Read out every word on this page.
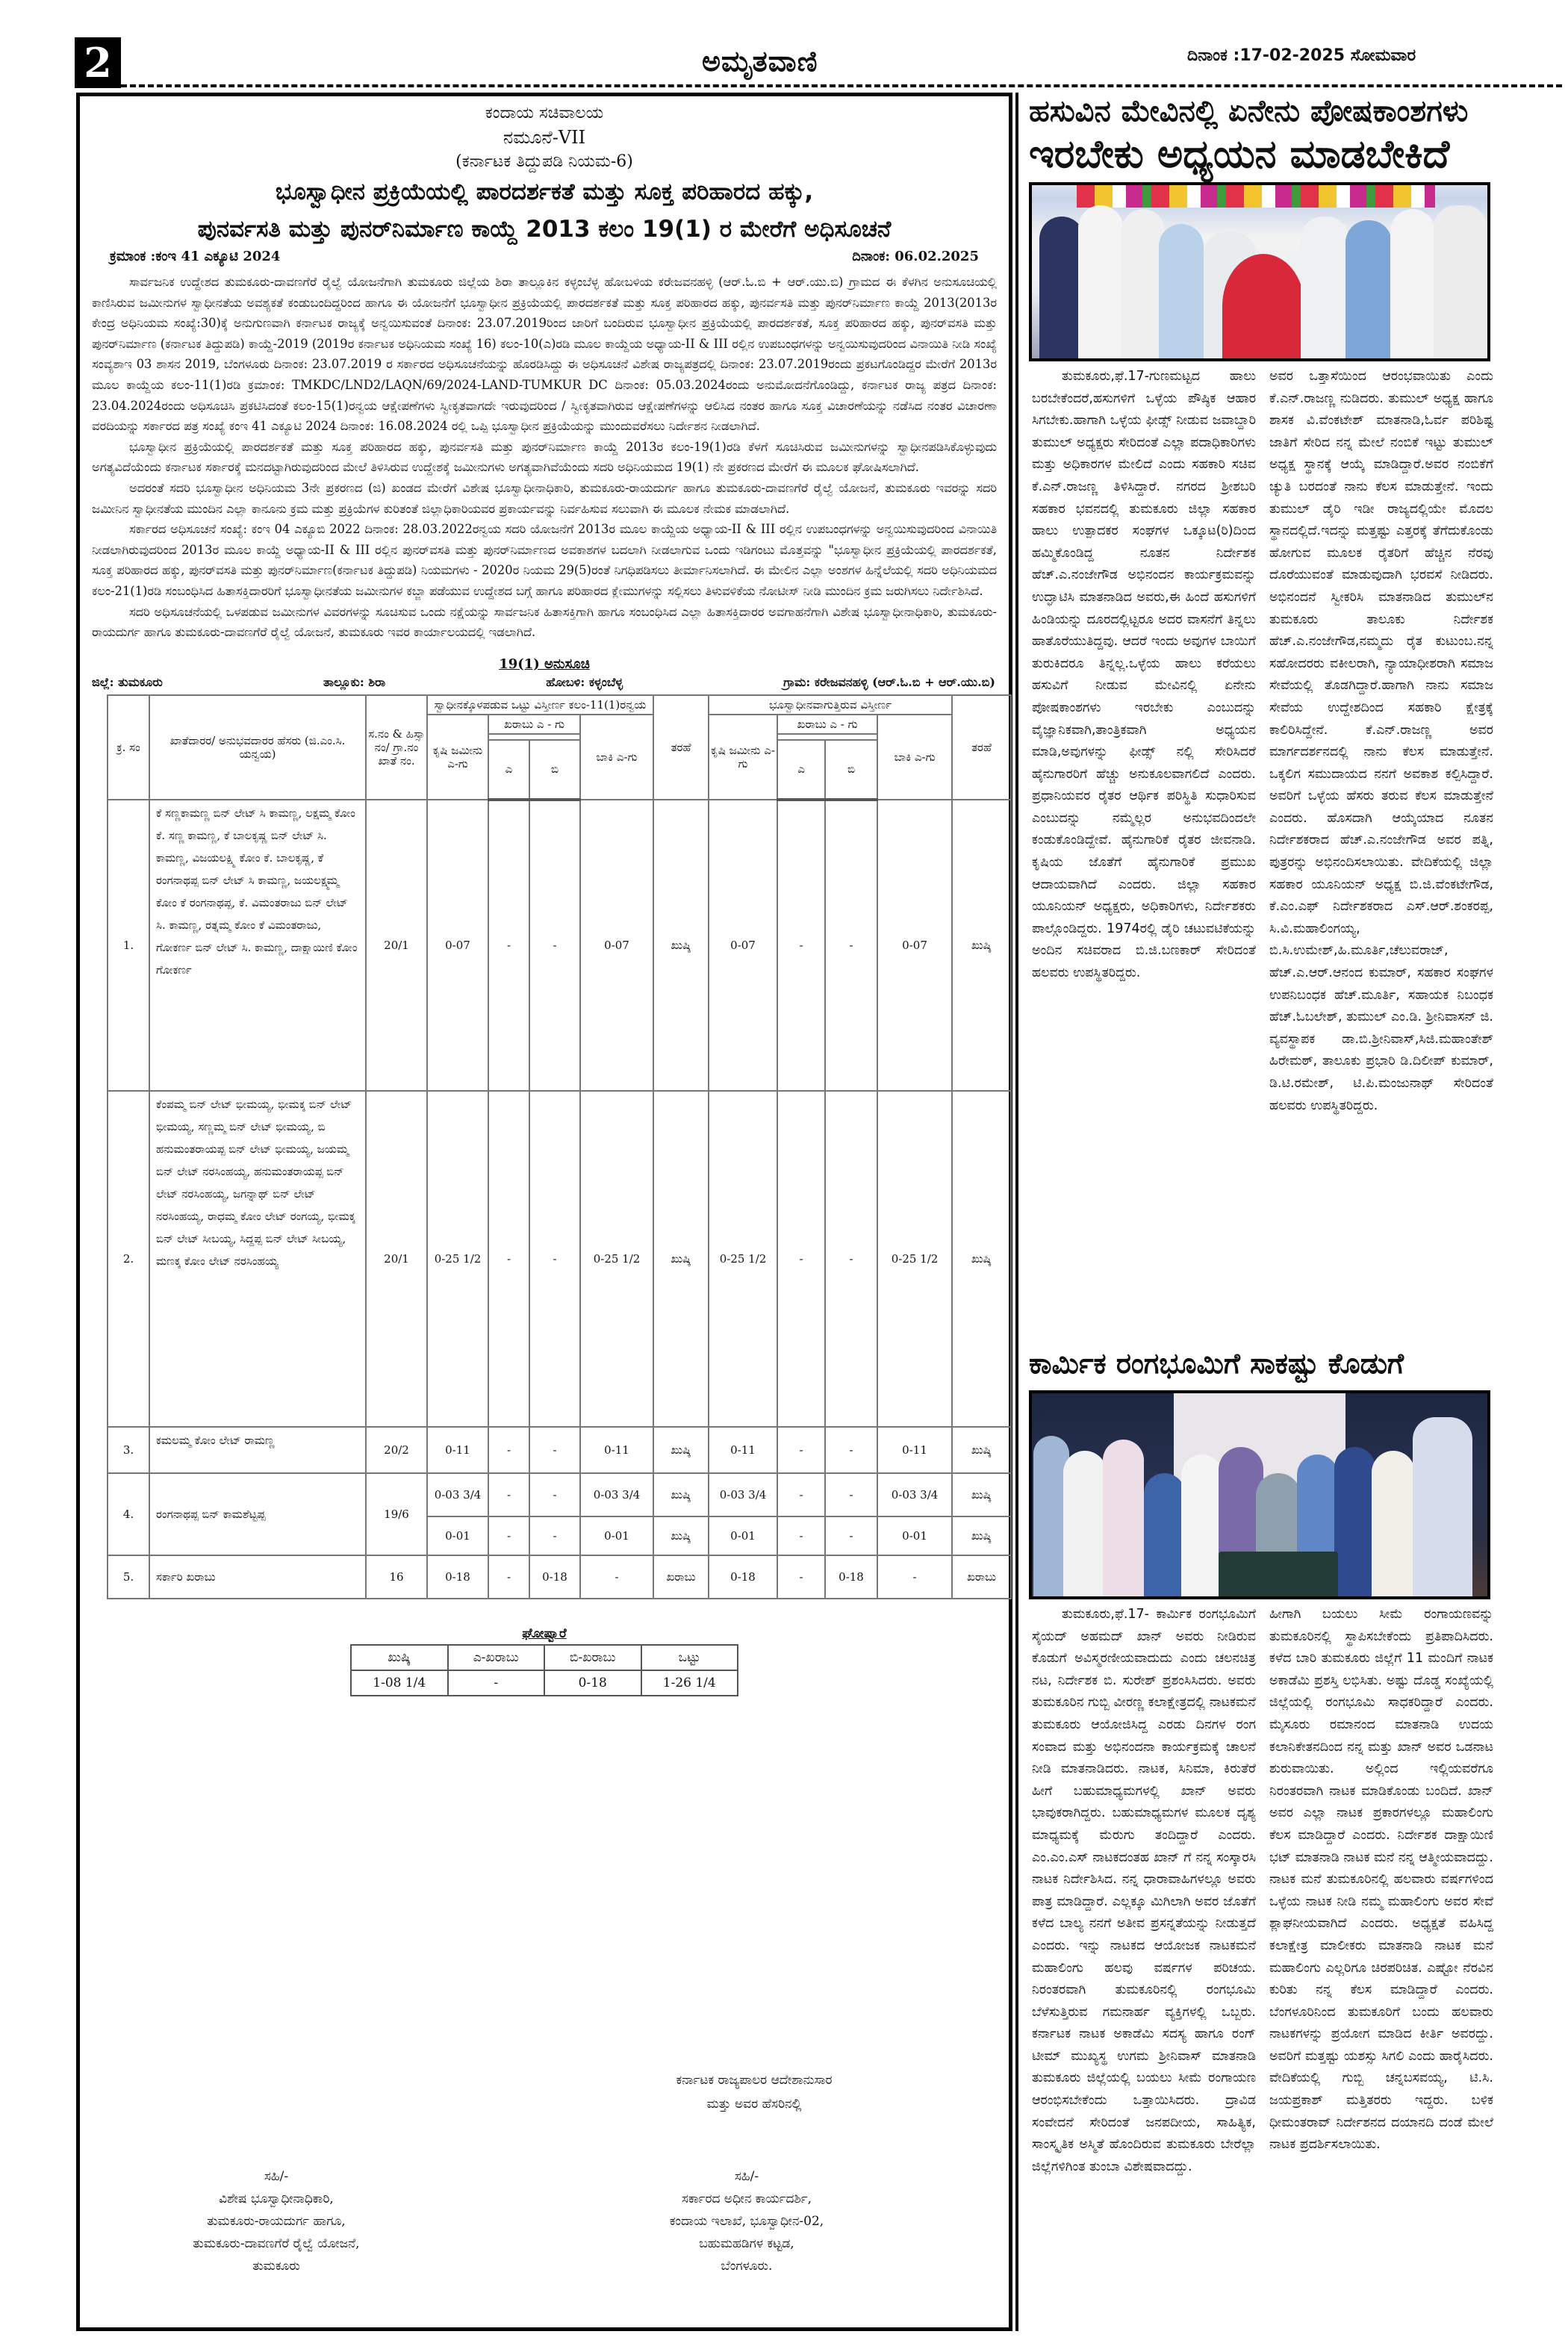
2	ಅಮೃತವಾಣಿ	ದಿನಾಂಕ :17-02-2025 ಸೋಮವಾರ
ಕಂದಾಯ ಸಚಿವಾಲಯ
ನಮೂನೆ-VII
(ಕರ್ನಾಟಕ ತಿದ್ದುಪಡಿ ನಿಯಮ-6)
ಭೂಸ್ವಾಧೀನ ಪ್ರಕ್ರಿಯೆಯಲ್ಲಿ ಪಾರದರ್ಶಕತೆ ಮತ್ತು ಸೂಕ್ತ ಪರಿಹಾರದ ಹಕ್ಕು,
ಪುನರ್ವಸತಿ ಮತ್ತು ಪುನರ್‌ನಿರ್ಮಾಣ ಕಾಯ್ದೆ 2013 ಕಲಂ 19(1) ರ ಮೇರೆಗೆ ಅಧಿಸೂಚನೆ
ಕ್ರಮಾಂಕ :ಕಂಇ 41 ಎಕ್ಯೂಟಿ 2024	ದಿನಾಂಕ: 06.02.2025

ಸಾರ್ವಜನಿಕ ಉದ್ದೇಶದ ತುಮಕೂರು-ದಾವಣಗೆರೆ ರೈಲ್ವೆ ಯೋಜನೆಗಾಗಿ ತುಮಕೂರು ಜಿಲ್ಲೆಯ ಶಿರಾ ತಾಲ್ಲೂಕಿನ ಕಳ್ಳಂಬೆಳ್ಳ ಹೋಬಳಿಯ ಕರೇಜವನಹಳ್ಳಿ (ಆರ್.ಓ.ಬಿ + ಆರ್.ಯು.ಬಿ) ಗ್ರಾಮದ ಈ ಕೆಳಗಿನ ಅನುಸೂಚಿಯಲ್ಲಿ ಕಾಣಿಸಿರುವ ಜಮೀನುಗಳ ಸ್ವಾಧೀನತೆಯ ಅವಶ್ಯಕತೆ ಕಂಡುಬಂದಿದ್ದರಿಂದ ಹಾಗೂ ಈ ಯೋಜನೆಗೆ ಭೂಸ್ವಾಧೀನ ಪ್ರಕ್ರಿಯೆಯಲ್ಲಿ ಪಾರದರ್ಶಕತೆ ಮತ್ತು ಸೂಕ್ತ ಪರಿಹಾರದ ಹಕ್ಕು, ಪುನರ್ವಸತಿ ಮತ್ತು ಪುನರ್‌ನಿರ್ಮಾಣ ಕಾಯ್ದೆ 2013(2013ರ ಕೇಂದ್ರ ಅಧಿನಿಯಮ ಸಂಖ್ಯೆ:30)ಕ್ಕೆ ಅನುಗುಣವಾಗಿ ಕರ್ನಾಟಕ ರಾಜ್ಯಕ್ಕೆ ಅನ್ವಯಿಸುವಂತೆ ದಿನಾಂಕ: 23.07.2019ರಿಂದ ಜಾರಿಗೆ ಬಂದಿರುವ ಭೂಸ್ವಾಧೀನ ಪ್ರಕ್ರಿಯೆಯಲ್ಲಿ ಪಾರದರ್ಶಕತೆ, ಸೂಕ್ತ ಪರಿಹಾರದ ಹಕ್ಕು, ಪುನರ್‌ವಸತಿ ಮತ್ತು ಪುನರ್‌ನಿರ್ಮಾಣ (ಕರ್ನಾಟಕ ತಿದ್ದುಪಡಿ) ಕಾಯ್ದೆ-2019 (2019ರ ಕರ್ನಾಟಕ ಅಧಿನಿಯಮ ಸಂಖ್ಯೆ 16) ಕಲಂ-10(ಎ)ರಡಿ ಮೂಲ ಕಾಯ್ದೆಯ ಅಧ್ಯಾಯ-II & III ರಲ್ಲಿನ ಉಪಬಂಧಗಳನ್ನು ಅನ್ವಯಿಸುವುದರಿಂದ ವಿನಾಯಿತಿ ನೀಡಿ ಸಂಖ್ಯೆ ಸಂವ್ಯಶಾಇ 03 ಶಾಸನ 2019, ಬೆಂಗಳೂರು ದಿನಾಂಕ: 23.07.2019 ರ ಸರ್ಕಾರದ ಅಧಿಸೂಚನೆಯನ್ನು ಹೊರಡಿಸಿದ್ದು ಈ ಅಧಿಸೂಚನೆ ವಿಶೇಷ ರಾಜ್ಯಪತ್ರದಲ್ಲಿ ದಿನಾಂಕ: 23.07.2019ರಂದು ಪ್ರಕಟಗೊಂಡಿದ್ದರ ಮೇರೆಗೆ 2013ರ ಮೂಲ ಕಾಯ್ದೆಯ ಕಲಂ-11(1)ರಡಿ ಕ್ರಮಾಂಕ: TMKDC/LND2/LAQN/69/2024-LAND-TUMKUR DC ದಿನಾಂಕ: 05.03.2024ರಂದು ಅನುಮೋದನೆಗೊಂಡಿದ್ದು, ಕರ್ನಾಟಕ ರಾಜ್ಯ ಪತ್ರದ ದಿನಾಂಕ: 23.04.2024ರಂದು ಅಧಿಸೂಚಿಸಿ ಪ್ರಕಟಿಸಿದಂತೆ ಕಲಂ-15(1)ರನ್ವಯ ಆಕ್ಷೇಪಣೆಗಳು ಸ್ವೀಕೃತವಾಗದೇ ಇರುವುದರಿಂದ / ಸ್ವೀಕೃತವಾಗಿರುವ ಆಕ್ಷೇಪಣೆಗಳನ್ನು ಆಲಿಸಿದ ನಂತರ ಹಾಗೂ ಸೂಕ್ತ ವಿಚಾರಣೆಯನ್ನು ನಡೆಸಿದ ನಂತರ ವಿಚಾರಣಾ ವರದಿಯನ್ನು ಸರ್ಕಾರದ ಪತ್ರ ಸಂಖ್ಯೆ ಕಂಇ 41 ಎಕ್ಯೂಟಿ 2024 ದಿನಾಂಕ: 16.08.2024 ರಲ್ಲಿ ಒಪ್ಪಿ ಭೂಸ್ವಾಧೀನ ಪ್ರಕ್ರಿಯೆಯನ್ನು ಮುಂದುವರೆಸಲು ನಿರ್ದೇಶನ ನೀಡಲಾಗಿದೆ.

ಭೂಸ್ವಾಧೀನ ಪ್ರಕ್ರಿಯೆಯಲ್ಲಿ ಪಾರದರ್ಶಕತೆ ಮತ್ತು ಸೂಕ್ತ ಪರಿಹಾರದ ಹಕ್ಕು, ಪುನರ್ವಸತಿ ಮತ್ತು ಪುನರ್‌ನಿರ್ಮಾಣ ಕಾಯ್ದೆ 2013ರ ಕಲಂ-19(1)ರಡಿ ಕೆಳಗೆ ಸೂಚಿಸಿರುವ ಜಮೀನುಗಳನ್ನು ಸ್ವಾಧೀನಪಡಿಸಿಕೊಳ್ಳುವುದು ಅಗತ್ಯವಿದೆಯೆಂದು ಕರ್ನಾಟಕ ಸರ್ಕಾರಕ್ಕೆ ಮನದಟ್ಟಾಗಿರುವುದರಿಂದ ಮೇಲೆ ತಿಳಿಸಿರುವ ಉದ್ದೇಶಕ್ಕೆ ಜಮೀನುಗಳು ಅಗತ್ಯವಾಗಿವೆಯೆಂದು ಸದರಿ ಅಧಿನಿಯಮದ 19(1) ನೇ ಪ್ರಕರಣದ ಮೇರೆಗೆ ಈ ಮೂಲಕ ಘೋಷಿಸಲಾಗಿದೆ.

ಅದರಂತೆ ಸದರಿ ಭೂಸ್ವಾಧೀನ ಅಧಿನಿಯಮ 3ನೇ ಪ್ರಕರಣದ (ಜಿ) ಖಂಡದ ಮೇರೆಗೆ ವಿಶೇಷ ಭೂಸ್ವಾಧೀನಾಧಿಕಾರಿ, ತುಮಕೂರು-ರಾಯದುರ್ಗ ಹಾಗೂ ತುಮಕೂರು-ದಾವಣಗೆರೆ ರೈಲ್ವೆ ಯೋಜನೆ, ತುಮಕೂರು ಇವರನ್ನು ಸದರಿ ಜಮೀನಿನ ಸ್ವಾಧೀನತೆಯ ಮುಂದಿನ ಎಲ್ಲಾ ಕಾನೂನು ಕ್ರಮ ಮತ್ತು ಪ್ರಕ್ರಿಯೆಗಳ ಕುರಿತಂತೆ ಜಿಲ್ಲಾಧಿಕಾರಿಯವರ ಪ್ರಕಾರ್ಯವನ್ನು ನಿರ್ವಹಿಸುವ ಸಲುವಾಗಿ ಈ ಮೂಲಕ ನೇಮಕ ಮಾಡಲಾಗಿದೆ.

ಸರ್ಕಾರದ ಅಧಿಸೂಚನೆ ಸಂಖ್ಯೆ: ಕಂಇ 04 ಎಕ್ಯೂಬಿ 2022 ದಿನಾಂಕ: 28.03.2022ರನ್ವಯ ಸದರಿ ಯೋಜನೆಗೆ 2013ರ ಮೂಲ ಕಾಯ್ದೆಯ ಅಧ್ಯಾಯ-II & III ರಲ್ಲಿನ ಉಪಬಂಧಗಳನ್ನು ಅನ್ವಯಿಸುವುದರಿಂದ ವಿನಾಯಿತಿ ನೀಡಲಾಗಿರುವುದರಿಂದ 2013ರ ಮೂಲ ಕಾಯ್ದೆ ಅಧ್ಯಾಯ-II & III ರಲ್ಲಿನ ಪುನರ್‌ವಸತಿ ಮತ್ತು ಪುನರ್‌ನಿರ್ಮಾಣದ ಅವಕಾಶಗಳ ಬದಲಾಗಿ ನೀಡಲಾಗುವ ಒಂದು ಇಡಿಗಂಟು ಮೊತ್ತವನ್ನು "ಭೂಸ್ವಾಧೀನ ಪ್ರಕ್ರಿಯೆಯಲ್ಲಿ ಪಾರದರ್ಶಕತೆ, ಸೂಕ್ತ ಪರಿಹಾರದ ಹಕ್ಕು, ಪುನರ್‌ವಸತಿ ಮತ್ತು ಪುನರ್‌ನಿರ್ಮಾಣ(ಕರ್ನಾಟಕ ತಿದ್ದುಪಡಿ) ನಿಯಮಗಳು - 2020ರ ನಿಯಮ 29(5)ರಂತೆ ನಿಗಧಿಪಡಿಸಲು ತೀರ್ಮಾನಿಸಲಾಗಿದೆ. ಈ ಮೇಲಿನ ಎಲ್ಲಾ ಅಂಶಗಳ ಹಿನ್ನೆಲೆಯಲ್ಲಿ ಸದರಿ ಅಧಿನಿಯಮದ ಕಲಂ-21(1)ರಡಿ ಸಂಬಂಧಿಸಿದ ಹಿತಾಸಕ್ತಿದಾರರಿಗೆ ಭೂಸ್ವಾಧೀನತೆಯ ಜಮೀನುಗಳ ಕಬ್ಜಾ ಪಡೆಯುವ ಉದ್ದೇಶದ ಬಗ್ಗೆ ಹಾಗೂ ಪರಿಹಾರದ ಕ್ಲೇಮುಗಳನ್ನು ಸಲ್ಲಿಸಲು ತಿಳುವಳಿಕೆಯ ನೋಟೀಸ್ ನೀಡಿ ಮುಂದಿನ ಕ್ರಮ ಜರುಗಿಸಲು ನಿರ್ದೇಶಿಸಿದೆ.

ಸದರಿ ಅಧಿಸೂಚನೆಯಲ್ಲಿ ಒಳಪಡುವ ಜಮೀನುಗಳ ವಿವರಗಳನ್ನು ಸೂಚಿಸುವ ಒಂದು ನಕ್ಷೆಯನ್ನು ಸಾರ್ವಜನಿಕ ಹಿತಾಸಕ್ತಿಗಾಗಿ ಹಾಗೂ ಸಂಬಂಧಿಸಿದ ಎಲ್ಲಾ ಹಿತಾಸಕ್ತಿದಾರರ ಅವಗಾಹನೆಗಾಗಿ ವಿಶೇಷ ಭೂಸ್ವಾಧೀನಾಧಿಕಾರಿ, ತುಮಕೂರು-ರಾಯದುರ್ಗ ಹಾಗೂ ತುಮಕೂರು-ದಾವಣಗೆರೆ ರೈಲ್ವೆ ಯೋಜನೆ, ತುಮಕೂರು ಇವರ ಕಾರ್ಯಾಲಯದಲ್ಲಿ ಇಡಲಾಗಿದೆ.

19(1) ಅನುಸೂಚಿ
ಜಿಲ್ಲೆ: ತುಮಕೂರು	ತಾಲ್ಲೂಕು: ಶಿರಾ	ಹೋಬಳಿ: ಕಳ್ಳಂಬೆಳ್ಳ	ಗ್ರಾಮ: ಕರೇಜವನಹಳ್ಳಿ (ಆರ್.ಓ.ಬಿ + ಆರ್.ಯು.ಬಿ)
ಕ್ರ. ಸಂ	ಖಾತೆದಾರರ/ ಅನುಭವದಾರರ ಹೆಸರು (ಜಿ.ಎಂ.ಸಿ. ಯನ್ವಯ)	ಸ.ನಂ & ಹಿಸ್ಸಾ ನಂ/ ಗ್ರಾ.ನಂ ಖಾತೆ ನಂ.	ಸ್ವಾಧೀನಕ್ಕೊಳಪಡುವ ಒಟ್ಟು ವಿಸ್ತೀರ್ಣ ಕಲಂ-11(1)ರನ್ವಯ				ತರಹೆ	ಭೂಸ್ವಾಧೀನವಾಗುತ್ತಿರುವ ವಿಸ್ತೀರ್ಣ				ತರಹೆ
			ಕೃಷಿ ಜಮೀನು ಎ-ಗು	ಖರಾಬು ಎ - ಗು		ಬಾಕಿ ಎ-ಗು		ಕೃಷಿ ಜಮೀನು ಎ-ಗು	ಖರಾಬು ಎ - ಗು		ಬಾಕಿ ಎ-ಗು	

				ಎ	ಬಿ				ಎ	ಬಿ		
1.	ಕೆ ಸಣ್ಣಕಾಮಣ್ಣ ಬಿನ್ ಲೇಟ್ ಸಿ ಕಾಮಣ್ಣ, ಲಕ್ಷಮ್ಮ ಕೋಂ ಕೆ. ಸಣ್ಣ ಕಾಮಣ್ಣ, ಕೆ ಬಾಲಕೃಷ್ಣ ಬಿನ್ ಲೇಟ್ ಸಿ. ಕಾಮಣ್ಣ, ವಿಜಯಲಕ್ಷ್ಮಿ ಕೋಂ ಕೆ. ಬಾಲಕೃಷ್ಣ, ಕೆ ರಂಗನಾಥಪ್ಪ ಬಿನ್ ಲೇಟ್ ಸಿ ಕಾಮಣ್ಣ, ಜಯಲಕ್ಷ್ಮಮ್ಮ ಕೋಂ ಕೆ ರಂಗನಾಥಪ್ಪ, ಕೆ. ವಿಮಂತರಾಜು ಬಿನ್ ಲೇಟ್ ಸಿ. ಕಾಮಣ್ಣ, ರತ್ನಮ್ಮ ಕೋಂ ಕೆ ವಿಮಂತರಾಜು, ಗೋಕರ್ಣ ಬಿನ್ ಲೇಟ್ ಸಿ. ಕಾಮಣ್ಣ, ದಾಕ್ಷಾಯಿಣಿ ಕೋಂ ಗೋಕರ್ಣ	20/1	0-07	-	-	0-07	ಖುಷ್ಕಿ	0-07	-	-	0-07	ಖುಷ್ಕಿ
2.	ಕೆಂಪಮ್ಮ ಬಿನ್ ಲೇಟ್ ಭೀಮಯ್ಯ, ಭೀಮಕ್ಕ ಬಿನ್ ಲೇಟ್ ಭೀಮಯ್ಯ, ಸಣ್ಣಮ್ಮ ಬಿನ್ ಲೇಟ್ ಭೀಮಯ್ಯ, ಬಿ ಹನುಮಂತರಾಯಪ್ಪ ಬಿನ್ ಲೇಟ್ ಭೀಮಯ್ಯ, ಜಯಮ್ಮ ಬಿನ್ ಲೇಟ್ ನರಸಿಂಹಯ್ಯ, ಹನುಮಂತರಾಯಪ್ಪ ಬಿನ್ ಲೇಟ್ ನರಸಿಂಹಯ್ಯ, ಜಗನ್ನಾಥ್ ಬಿನ್ ಲೇಟ್ ನರಸಿಂಹಯ್ಯ, ರಾಧಮ್ಮ ಕೋಂ ಲೇಟ್ ರಂಗಯ್ಯ, ಭೀಮಕ್ಕ ಬಿನ್ ಲೇಟ್ ಸೀಬಯ್ಯ, ಸಿದ್ದಪ್ಪ ಬಿನ್ ಲೇಟ್ ಸೀಬಯ್ಯ, ಮಣಕ್ಕ ಕೋಂ ಲೇಟ್ ನರಸಿಂಹಯ್ಯ	20/1	0-25 1/2	-	-	0-25 1/2	ಖುಷ್ಕಿ	0-25 1/2	-	-	0-25 1/2	ಖುಷ್ಕಿ
3.	ಕಮಲಮ್ಮ ಕೋಂ ಲೇಟ್ ರಾಮಣ್ಣ	20/2	0-11	-	-	0-11	ಖುಷ್ಕಿ	0-11	-	-	0-11	ಖುಷ್ಕಿ
4.	ರಂಗನಾಥಪ್ಪ ಬಿನ್ ಕಾಮಶೆಟ್ಟಪ್ಪ	19/6	0-03 3/4	-	-	0-03 3/4	ಖುಷ್ಕಿ	0-03 3/4	-	-	0-03 3/4	ಖುಷ್ಕಿ
			0-01	-	-	0-01	ಖುಷ್ಕಿ	0-01	-	-	0-01	ಖುಷ್ಕಿ
5.	ಸರ್ಕಾರಿ ಖರಾಬು	16	0-18	-	0-18	-	ಖರಾಬು	0-18	-	0-18	-	ಖರಾಬು
ಘೋಷ್ವಾರೆ
ಖುಷ್ಕಿ	ಎ-ಖರಾಬು	ಬಿ-ಖರಾಬು	ಒಟ್ಟು
1-08 1/4	-	0-18	1-26 1/4
ಕರ್ನಾಟಕ ರಾಜ್ಯಪಾಲರ ಆದೇಶಾನುಸಾರ
ಮತ್ತು ಅವರ ಹೆಸರಿನಲ್ಲಿ
ಸಹಿ/-
ವಿಶೇಷ ಭೂಸ್ವಾಧೀನಾಧಿಕಾರಿ,
ತುಮಕೂರು-ರಾಯದುರ್ಗ ಹಾಗೂ,
ತುಮಕೂರು-ದಾವಣಗೆರೆ ರೈಲ್ವೆ ಯೋಜನೆ,
ತುಮಕೂರು
ಸಹಿ/-
ಸರ್ಕಾರದ ಅಧೀನ ಕಾರ್ಯದರ್ಶಿ,
ಕಂದಾಯ ಇಲಾಖೆ, ಭೂಸ್ವಾಧೀನ-02,
ಬಹುಮಹಡಿಗಳ ಕಟ್ಟಡ,
ಬೆಂಗಳೂರು.
ಹಸುವಿನ ಮೇವಿನಲ್ಲಿ ಏನೇನು ಪೋಷಕಾಂಶಗಳು
ಇರಬೇಕು ಅಧ್ಯಯನ ಮಾಡಬೇಕಿದೆ

ತುಮಕೂರು,ಫೆ.17-ಗುಣಮಟ್ಟದ ಹಾಲು ಬರಬೇಕೆಂದರೆ,ಹಸುಗಳಿಗೆ ಒಳ್ಳೆಯ ಪೌಷ್ಠಿಕ ಆಹಾರ ಸಿಗಬೇಕು.ಹಾಗಾಗಿ ಒಳ್ಳೆಯ ಫೀಡ್ಸ್ ನೀಡುವ ಜವಾಬ್ದಾರಿ ತುಮುಲ್ ಅಧ್ಯಕ್ಷರು ಸೇರಿದಂತೆ ಎಲ್ಲಾ ಪದಾಧಿಕಾರಿಗಳು ಮತ್ತು ಅಧಿಕಾರಗಳ ಮೇಲಿದೆ ಎಂದು ಸಹಕಾರಿ ಸಚಿವ ಕೆ.ಎನ್.ರಾಜಣ್ಣ ತಿಳಿಸಿದ್ದಾರೆ. ನಗರದ ಶ್ರೀಶಬರಿ ಸಹಕಾರ ಭವನದಲ್ಲಿ ತುಮಕೂರು ಜಿಲ್ಲಾ ಸಹಕಾರ ಹಾಲು ಉತ್ಪಾದಕರ ಸಂಘಗಳ ಒಕ್ಕೂಟ(ರಿ)ದಿಂದ ಹಮ್ಮಿಕೊಂಡಿದ್ದ ನೂತನ ನಿರ್ದೇಶಕ ಹೆಚ್.ಎ.ನಂಜೇಗೌಡ ಅಭಿನಂದನ ಕಾರ್ಯಕ್ರಮವನ್ನು ಉದ್ಘಾಟಿಸಿ ಮಾತನಾಡಿದ ಅವರು,ಈ ಹಿಂದೆ ಹಸುಗಳಿಗೆ ಹಿಂಡಿಯನ್ನು ದೂರದಲ್ಲಿಟ್ಟರೂ ಅದರ ವಾಸನೆಗೆ ತಿನ್ನಲು ಹಾತೊರೆಯುತಿದ್ದವು. ಆದರೆ ಇಂದು ಅವುಗಳ ಬಾಯಿಗೆ ತುರುಕಿದರೂ ತಿನ್ನಲ್ಲ.ಒಳ್ಳೆಯ ಹಾಲು ಕರೆಯಲು ಹಸುವಿಗೆ ನೀಡುವ ಮೇವಿನಲ್ಲಿ ಏನೇನು ಪೋಷಕಾಂಶಗಳು ಇರಬೇಕು ಎಂಬುದನ್ನು ವೈಜ್ಞಾನಿಕವಾಗಿ,ತಾಂತ್ರಿಕವಾಗಿ ಅಧ್ಯಯನ ಮಾಡಿ,ಅವುಗಳನ್ನು ಫೀಡ್ಸ್ ನಲ್ಲಿ ಸೇರಿಸಿದರೆ ಹೈನುಗಾರರಿಗೆ ಹೆಚ್ಚು ಅನುಕೂಲವಾಗಲಿದೆ ಎಂದರು. ಪ್ರಧಾನಿಯವರ ರೈತರ ಆರ್ಥಿಕ ಪರಿಸ್ಥಿತಿ ಸುಧಾರಿಸುವ ಎಂಬುದನ್ನು ನಮ್ಮೆಲ್ಲರ ಅನುಭವದಿಂದಲೇ ಕಂಡುಕೊಂಡಿದ್ದೇವೆ. ಹೈನುಗಾರಿಕೆ ರೈತರ ಜೀವನಾಡಿ. ಕೃಷಿಯ ಜೊತೆಗೆ ಹೈನುಗಾರಿಕೆ ಪ್ರಮುಖ ಆದಾಯವಾಗಿದೆ ಎಂದರು. ಜಿಲ್ಲಾ ಸಹಕಾರ ಯೂನಿಯನ್ ಅಧ್ಯಕ್ಷರು, ಅಧಿಕಾರಿಗಳು, ನಿರ್ದೇಶಕರು ಪಾಲ್ಗೊಂಡಿದ್ದರು. 1974ರಲ್ಲಿ ಡೈರಿ ಚಟುವಟಿಕೆಯನ್ನು ಅಂದಿನ ಸಚಿವರಾದ ಬಿ.ಜಿ.ಬಣಕಾರ್ ಸೇರಿದಂತೆ ಹಲವರು ಉಪಸ್ಥಿತರಿದ್ದರು.

ಅವರ ಒತ್ತಾಸೆಯಿಂದ ಆರಂಭವಾಯಿತು ಎಂದು ಕೆ.ಎನ್.ರಾಜಣ್ಣ ನುಡಿದರು. ತುಮುಲ್ ಅಧ್ಯಕ್ಷ ಹಾಗೂ ಶಾಸಕ ವಿ.ವೆಂಕಟೇಶ್ ಮಾತನಾಡಿ,ಓರ್ವ ಪರಿಶಿಷ್ಟ ಜಾತಿಗೆ ಸೇರಿದ ನನ್ನ ಮೇಲೆ ನಂಬಿಕೆ ಇಟ್ಟು ತುಮುಲ್ ಅಧ್ಯಕ್ಷ ಸ್ಥಾನಕ್ಕೆ ಆಯ್ಕೆ ಮಾಡಿದ್ದಾರೆ.ಅವರ ನಂಬಿಕೆಗೆ ಚ್ಯುತಿ ಬರದಂತೆ ನಾನು ಕೆಲಸ ಮಾಡುತ್ತೇನೆ. ಇಂದು ತುಮುಲ್ ಡೈರಿ ಇಡೀ ರಾಜ್ಯದಲ್ಲಿಯೇ ಮೊದಲ ಸ್ಥಾನದಲ್ಲಿದೆ.ಇದನ್ನು ಮತ್ತಷ್ಟು ಎತ್ತರಕ್ಕೆ ತೆಗೆದುಕೊಂಡು ಹೋಗುವ ಮೂಲಕ ರೈತರಿಗೆ ಹೆಚ್ಚಿನ ನೆರವು ದೊರೆಯುವಂತೆ ಮಾಡುವುದಾಗಿ ಭರವಸೆ ನೀಡಿದರು. ಅಭಿನಂದನೆ ಸ್ವೀಕರಿಸಿ ಮಾತನಾಡಿದ ತುಮುಲ್‌ನ ತುಮಕೂರು ತಾಲೂಕು ನಿರ್ದೇಶಕ ಹೆಚ್.ಎ.ನಂಜೇಗೌಡ,ನಮ್ಮದು ರೈತ ಕುಟುಂಬ.ನನ್ನ ಸಹೋದರರು ವಕೀಲರಾಗಿ, ನ್ಯಾಯಾಧೀಶರಾಗಿ ಸಮಾಜ ಸೇವೆಯಲ್ಲಿ ತೊಡಗಿದ್ದಾರೆ.ಹಾಗಾಗಿ ನಾನು ಸಮಾಜ ಸೇವೆಯ ಉದ್ದೇಶದಿಂದ ಸಹಕಾರಿ ಕ್ಷೇತ್ರಕ್ಕೆ ಕಾಲಿರಿಸಿದ್ದೇನೆ. ಕೆ.ಎನ್.ರಾಜಣ್ಣ ಅವರ ಮಾರ್ಗದರ್ಶನದಲ್ಲಿ ನಾನು ಕೆಲಸ ಮಾಡುತ್ತೇನೆ. ಒಕ್ಕಲಿಗ ಸಮುದಾಯದ ನನಗೆ ಅವಕಾಶ ಕಲ್ಪಿಸಿದ್ದಾರೆ. ಅವರಿಗೆ ಒಳ್ಳೆಯ ಹೆಸರು ತರುವ ಕೆಲಸ ಮಾಡುತ್ತೇನೆ ಎಂದರು. ಹೊಸದಾಗಿ ಆಯ್ಕೆಯಾದ ನೂತನ ನಿರ್ದೇಶಕರಾದ ಹೆಚ್.ಎ.ನಂಜೇಗೌಡ ಅವರ ಪತ್ನಿ, ಪುತ್ರರನ್ನು ಅಭಿನಂದಿಸಲಾಯಿತು. ವೇದಿಕೆಯಲ್ಲಿ ಜಿಲ್ಲಾ ಸಹಕಾರ ಯೂನಿಯನ್ ಅಧ್ಯಕ್ಷ ಬಿ.ಜಿ.ವೆಂಕಟೇಗೌಡ, ಕೆ.ಎಂ.ಎಫ್ ನಿರ್ದೇಶಕರಾದ ಎಸ್.ಆರ್.ಶಂಕರಪ್ಪ, ಸಿ.ವಿ.ಮಹಾಲಿಂಗಯ್ಯ, ಬಿ.ಸಿ.ಉಮೇಶ್,ಹಿ.ಮೂರ್ತಿ,ಚೆಲುವರಾಜ್, ಹೆಚ್.ಎ.ಆರ್.ಆನಂದ ಕುಮಾರ್, ಸಹಕಾರ ಸಂಘಗಳ ಉಪನಿಬಂಧಕ ಹೆಚ್.ಮೂರ್ತಿ, ಸಹಾಯಕ ನಿಬಂಧಕ ಹೆಚ್.ಓಬಲೇಶ್, ತುಮುಲ್ ಎಂ.ಡಿ. ಶ್ರೀನಿವಾಸನ್ ಜಿ. ವ್ಯವಸ್ಥಾಪಕ ಡಾ.ಬಿ.ಶ್ರೀನಿವಾಸ್,ಸಿಜಿ.ಮಹಾಂತೇಶ್ ಹಿರೇಮಠ್, ತಾಲೂಕು ಪ್ರಭಾರಿ ಡಿ.ದಿಲೀಪ್ ಕುಮಾರ್, ಡಿ.ಟಿ.ರಮೇಶ್, ಟಿ.ಪಿ.ಮಂಜುನಾಥ್ ಸೇರಿದಂತೆ ಹಲವರು ಉಪಸ್ಥಿತರಿದ್ದರು.

ಕಾರ್ಮಿಕ ರಂಗಭೂಮಿಗೆ ಸಾಕಷ್ಟು ಕೊಡುಗೆ

ತುಮಕೂರು,ಫೆ.17- ಕಾರ್ಮಿಕ ರಂಗಭೂಮಿಗೆ ಸೈಯದ್ ಅಹಮದ್ ಖಾನ್ ಅವರು ನೀಡಿರುವ ಕೊಡುಗೆ ಅವಿಸ್ಮರಣೀಯವಾದುದು ಎಂದು ಚಲನಚಿತ್ರ ನಟ, ನಿರ್ದೇಶಕ ಬಿ. ಸುರೇಶ್ ಪ್ರಶಂಸಿಸಿದರು. ಅವರು ತುಮಕೂರಿನ ಗುಬ್ಬಿ ವೀರಣ್ಣ ಕಲಾಕ್ಷೇತ್ರದಲ್ಲಿ ನಾಟಕಮನೆ ತುಮಕೂರು ಆಯೋಜಿಸಿದ್ದ ಎರಡು ದಿನಗಳ ರಂಗ ಸಂವಾದ ಮತ್ತು ಅಭಿನಂದನಾ ಕಾರ್ಯಕ್ರಮಕ್ಕೆ ಚಾಲನೆ ನೀಡಿ ಮಾತನಾಡಿದರು. ನಾಟಕ, ಸಿನಿಮಾ, ಕಿರುತೆರೆ ಹೀಗೆ ಬಹುಮಾಧ್ಯಮಗಳಲ್ಲಿ ಖಾನ್ ಅವರು ಭಾವುಕರಾಗಿದ್ದರು. ಬಹುಮಾಧ್ಯಮಗಳ ಮೂಲಕ ದೃಶ್ಯ ಮಾಧ್ಯಮಕ್ಕೆ ಮೆರುಗು ತಂದಿದ್ದಾರೆ ಎಂದರು. ಎಂ.ಎಂ.ಎಸ್ ನಾಟಕದಂತಹ ಖಾನ್ ಗೆ ನನ್ನ ಸಂಸ್ಕಾರಸಿ ನಾಟಕ ನಿರ್ದೇಶಿಸಿದ. ನನ್ನ ಧಾರಾವಾಹಿಗಳಲ್ಲೂ ಅವರು ಪಾತ್ರ ಮಾಡಿದ್ದಾರೆ. ಎಲ್ಲಕ್ಕೂ ಮಿಗಿಲಾಗಿ ಅವರ ಜೊತೆಗೆ ಕಳೆದ ಬಾಲ್ಯ ನನಗೆ ಅತೀವ ಪ್ರಸನ್ನತೆಯನ್ನು ನೀಡುತ್ತದೆ ಎಂದರು. ಇನ್ನು ನಾಟಕದ ಆಯೋಜಕ ನಾಟಕಮನೆ ಮಹಾಲಿಂಗು ಹಲವು ವರ್ಷಗಳ ಪರಿಚಯ. ನಿರಂತರವಾಗಿ ತುಮಕೂರಿನಲ್ಲಿ ರಂಗಭೂಮಿ ಬೆಳೆಸುತ್ತಿರುವ ಗಮನಾರ್ಹ ವ್ಯಕ್ತಿಗಳಲ್ಲಿ ಒಬ್ಬರು. ಕರ್ನಾಟಕ ನಾಟಕ ಅಕಾಡೆಮಿ ಸದಸ್ಯ ಹಾಗೂ ರಂಗ್‌ ಟೀಮ್ ಮುಖ್ಯಸ್ಥ ಉಗಮ ಶ್ರೀನಿವಾಸ್ ಮಾತನಾಡಿ ತುಮಕೂರು ಜಿಲ್ಲೆಯಲ್ಲಿ ಬಯಲು ಸೀಮೆ ರಂಗಾಯಣ ಆರಂಭಿಸಬೇಕೆಂದು ಒತ್ತಾಯಿಸಿದರು. ದ್ರಾವಿಡ ಸಂವೇದನೆ ಸೇರಿದಂತೆ ಜನಪದೀಯ, ಸಾಹಿತ್ಯಿಕ, ಸಾಂಸ್ಕೃತಿಕ ಅಸ್ಮಿತೆ ಹೊಂದಿರುವ ತುಮಕೂರು ಬೇರೆಲ್ಲಾ ಜಿಲ್ಲೆಗಳಿಗಿಂತ ತುಂಬಾ ವಿಶೇಷವಾದದ್ದು.

ಹೀಗಾಗಿ ಬಯಲು ಸೀಮೆ ರಂಗಾಯಣವನ್ನು ತುಮಕೂರಿನಲ್ಲಿ ಸ್ಥಾಪಿಸಬೇಕೆಂದು ಪ್ರತಿಪಾದಿಸಿದರು. ಕಳೆದ ಬಾರಿ ತುಮಕೂರು ಜಿಲ್ಲೆಗೆ 11 ಮಂದಿಗೆ ನಾಟಕ ಅಕಾಡೆಮಿ ಪ್ರಶಸ್ತಿ ಲಭಿಸಿತು. ಅಷ್ಟು ದೊಡ್ಡ ಸಂಖ್ಯೆಯಲ್ಲಿ ಜಿಲ್ಲೆಯಲ್ಲಿ ರಂಗಭೂಮಿ ಸಾಧಕರಿದ್ದಾರೆ ಎಂದರು. ಮೈಸೂರು ರಮಾನಂದ ಮಾತನಾಡಿ ಉದಯ ಕಲಾನಿಕೇತನದಿಂದ ನನ್ನ ಮತ್ತು ಖಾನ್ ಅವರ ಒಡನಾಟ ಶುರುವಾಯಿತು. ಅಲ್ಲಿಂದ ಇಲ್ಲಿಯವರೆಗೂ ನಿರಂತರವಾಗಿ ನಾಟಕ ಮಾಡಿಕೊಂಡು ಬಂದಿದೆ. ಖಾನ್ ಅವರ ಎಲ್ಲಾ ನಾಟಕ ಪ್ರಕಾರಗಳಲ್ಲೂ ಮಹಾಲಿಂಗು ಕೆಲಸ ಮಾಡಿದ್ದಾರೆ ಎಂದರು. ನಿರ್ದೇಶಕ ದಾಕ್ಷಾಯಿಣಿ ಭಟ್ ಮಾತನಾಡಿ ನಾಟಕ ಮನೆ ನನ್ನ ಆತ್ಮೀಯವಾದದ್ದು. ನಾಟಕ ಮನೆ ತುಮಕೂರಿನಲ್ಲಿ ಹಲವಾರು ವರ್ಷಗಳಿಂದ ಒಳ್ಳೆಯ ನಾಟಕ ನೀಡಿ ನಮ್ಮ ಮಹಾಲಿಂಗು ಅವರ ಸೇವೆ ಶ್ಲಾಘನೀಯವಾಗಿದೆ ಎಂದರು. ಅಧ್ಯಕ್ಷತೆ ವಹಿಸಿದ್ದ ಕಲಾಕ್ಷೇತ್ರ ಮಾಲೀಕರು ಮಾತನಾಡಿ ನಾಟಕ ಮನೆ ಮಹಾಲಿಂಗು ಎಲ್ಲರಿಗೂ ಚಿರಪರಿಚಿತ. ಎಷ್ಟೋ ನೆರವಿನ ಕುರಿತು ನನ್ನ ಕೆಲಸ ಮಾಡಿದ್ದಾರೆ ಎಂದರು. ಬೆಂಗಳೂರಿನಿಂದ ತುಮಕೂರಿಗೆ ಬಂದು ಹಲವಾರು ನಾಟಕಗಳನ್ನು ಪ್ರಯೋಗ ಮಾಡಿದ ಕೀರ್ತಿ ಅವರದ್ದು. ಅವರಿಗೆ ಮತ್ತಷ್ಟು ಯಶಸ್ಸು ಸಿಗಲಿ ಎಂದು ಹಾರೈಸಿದರು. ವೇದಿಕೆಯಲ್ಲಿ ಗುಬ್ಬಿ ಚನ್ನಬಸವಯ್ಯ, ಟಿ.ಸಿ. ಜಯಪ್ರಕಾಶ್ ಮತ್ತಿತರರು ಇದ್ದರು. ಬಳಿಕ ಧೀಮಂತರಾವ್ ನಿರ್ದೇಶನದ ದಯಾನದಿ ದಂಡೆ ಮೇಲೆ ನಾಟಕ ಪ್ರದರ್ಶಿಸಲಾಯಿತು.
